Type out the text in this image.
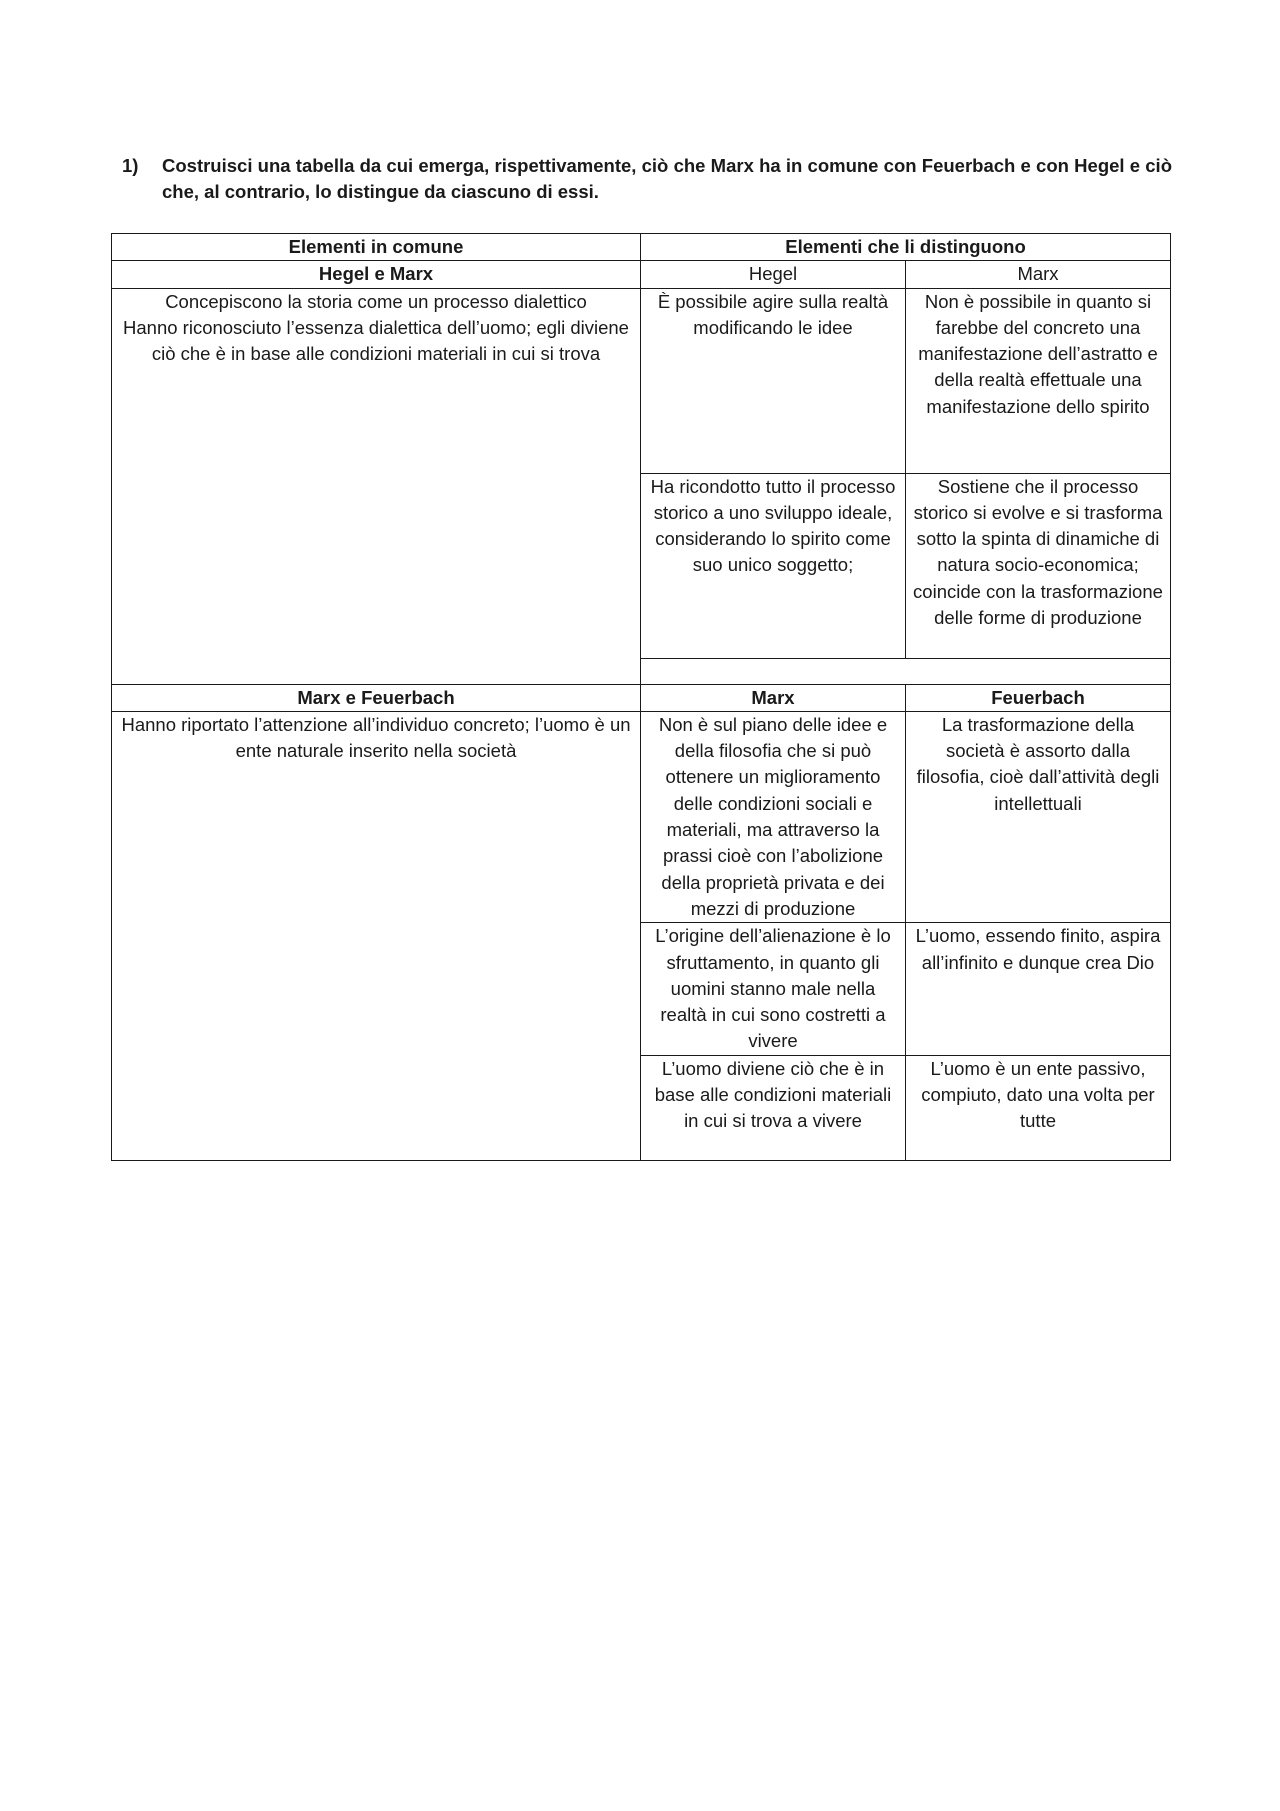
1)	Costruisci una tabella da cui emerga, rispettivamente, ciò che Marx ha in comune con Feuerbach e con Hegel e ciò che, al contrario, lo distingue da ciascuno di essi.
Elementi in comune	Elementi che li distinguono	
Hegel e Marx	Hegel	Marx

Concepiscono la storia come un processo dialettico
Hanno riconosciuto l’essenza dialettica dell’uomo; egli diviene ciò che è in base alle condizioni materiali in cui si trova	È possibile agire sulla realtà modificando le idee	Non è possibile in quanto si farebbe del concreto una manifestazione dell’astratto e della realtà effettuale una manifestazione dello spirito
	Ha ricondotto tutto il processo storico a uno sviluppo ideale, considerando lo spirito come suo unico soggetto;	Sostiene che il processo storico si evolve e si trasforma sotto la spinta di dinamiche di natura socio-economica; coincide con la trasformazione delle forme di produzione

Marx e Feuerbach	Marx	Feuerbach
Hanno riportato l’attenzione all’individuo concreto; l’uomo è un ente naturale inserito nella società	Non è sul piano delle idee e della filosofia che si può ottenere un miglioramento delle condizioni sociali e materiali, ma attraverso la prassi cioè con l’abolizione della proprietà privata e dei mezzi di produzione	La trasformazione della società è assorto dalla filosofia, cioè dall’attività degli intellettuali
	L’origine dell’alienazione è lo sfruttamento, in quanto gli uomini stanno male nella realtà in cui sono costretti a vivere	L’uomo, essendo finito, aspira all’infinito e dunque crea Dio
	L’uomo diviene ciò che è in base alle condizioni materiali in cui si trova a vivere	L’uomo è un ente passivo, compiuto, dato una volta per tutte
